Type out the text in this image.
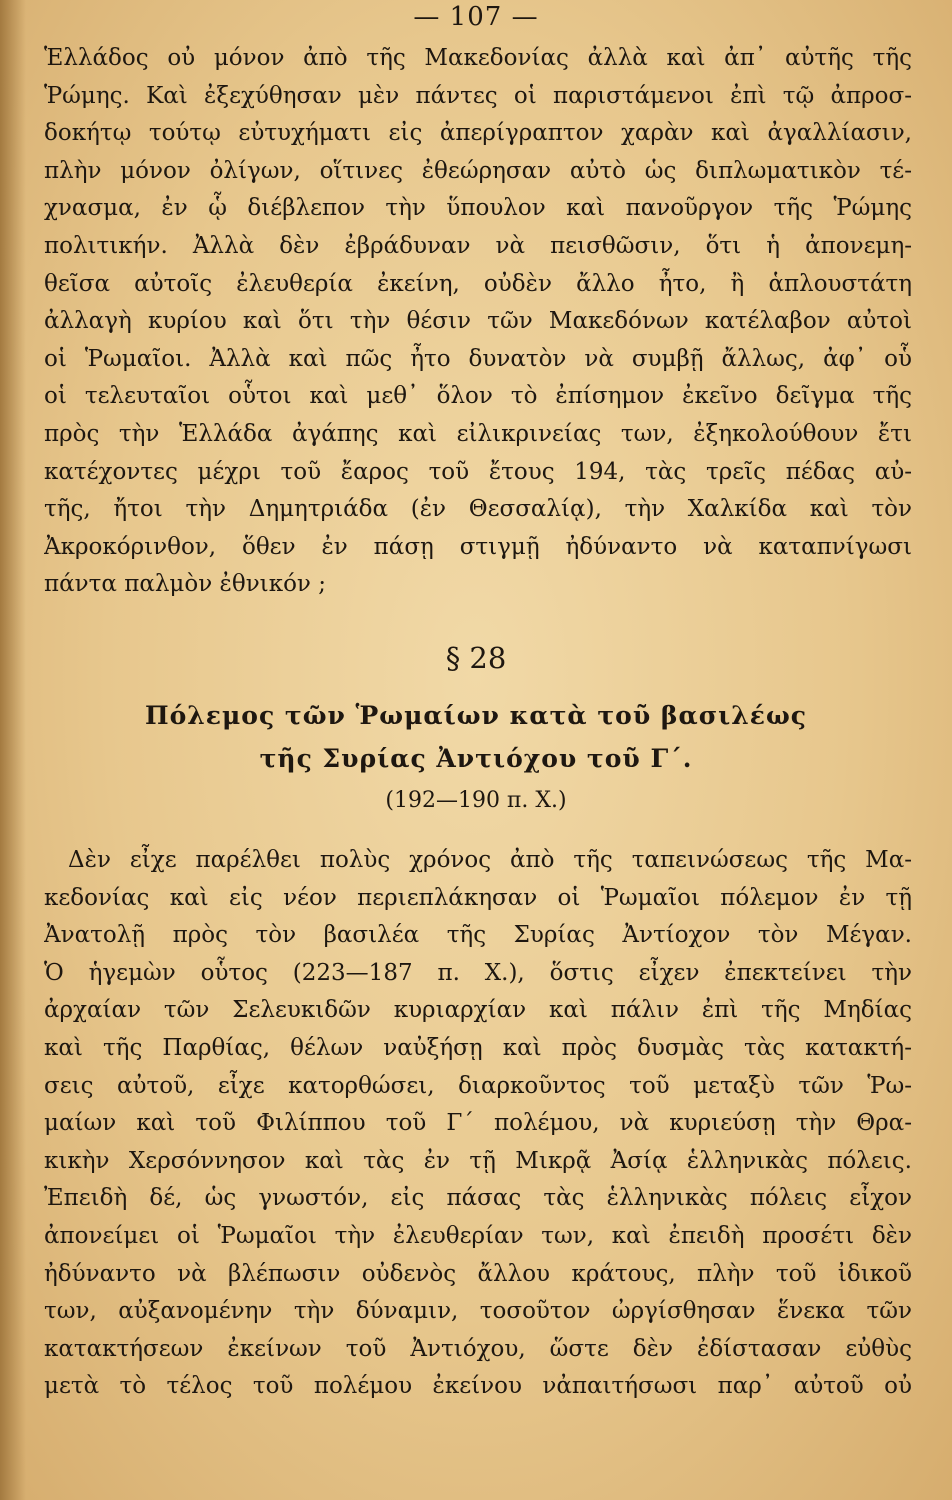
— 107 —
Ἑλλάδος οὐ μόνον ἀπὸ τῆς Μακεδονίας ἀλλὰ καὶ ἀπ᾽ αὐτῆς τῆς
Ῥώμης. Καὶ ἐξεχύθησαν μὲν πάντες οἱ παριστάμενοι ἐπὶ τῷ ἀπροσ-
δοκήτῳ τούτῳ εὐτυχήματι εἰς ἀπερίγραπτον χαρὰν καὶ ἀγαλλίασιν,
πλὴν μόνον ὀλίγων, οἵτινες ἐθεώρησαν αὐτὸ ὡς διπλωματικὸν τέ-
χνασμα, ἐν ᾧ διέβλεπον τὴν ὕπουλον καὶ πανοῦργον τῆς Ῥώμης
πολιτικήν. Ἀλλὰ δὲν ἐβράδυναν νὰ πεισθῶσιν, ὅτι ἡ ἀπονεμη-
θεῖσα αὐτοῖς ἐλευθερία ἐκείνη, οὐδὲν ἄλλο ἦτο, ἢ ἁπλουστάτη
ἀλλαγὴ κυρίου καὶ ὅτι τὴν θέσιν τῶν Μακεδόνων κατέλαβον αὐτοὶ
οἱ Ῥωμαῖοι. Ἀλλὰ καὶ πῶς ἦτο δυνατὸν νὰ συμβῇ ἄλλως, ἀφ᾽ οὗ
οἱ τελευταῖοι οὗτοι καὶ μεθ᾽ ὅλον τὸ ἐπίσημον ἐκεῖνο δεῖγμα τῆς
πρὸς τὴν Ἑλλάδα ἀγάπης καὶ εἰλικρινείας των, ἐξηκολούθουν ἔτι
κατέχοντες μέχρι τοῦ ἔαρος τοῦ ἔτους 194, τὰς τρεῖς πέδας αὐ-
τῆς, ἤτοι τὴν Δημητριάδα (ἐν Θεσσαλίᾳ), τὴν Χαλκίδα καὶ τὸν
Ἀκροκόρινθον, ὅθεν ἐν πάσῃ στιγμῇ ἠδύναντο νὰ καταπνίγωσι
πάντα παλμὸν ἐθνικόν ;
§ 28
Πόλεμος τῶν Ῥωμαίων κατὰ τοῦ βασιλέως
τῆς Συρίας Ἀντιόχου τοῦ Γ΄.
(192—190 π. Χ.)
Δὲν εἶχε παρέλθει πολὺς χρόνος ἀπὸ τῆς ταπεινώσεως τῆς Μα-
κεδονίας καὶ εἰς νέον περιεπλάκησαν οἱ Ῥωμαῖοι πόλεμον ἐν τῇ
Ἀνατολῇ πρὸς τὸν βασιλέα τῆς Συρίας Ἀντίοχον τὸν Μέγαν.
Ὁ ἡγεμὼν οὗτος (223—187 π. Χ.), ὅστις εἶχεν ἐπεκτείνει τὴν
ἀρχαίαν τῶν Σελευκιδῶν κυριαρχίαν καὶ πάλιν ἐπὶ τῆς Μηδίας
καὶ τῆς Παρθίας, θέλων ναὐξήσῃ καὶ πρὸς δυσμὰς τὰς κατακτή-
σεις αὐτοῦ, εἶχε κατορθώσει, διαρκοῦντος τοῦ μεταξὺ τῶν Ῥω-
μαίων καὶ τοῦ Φιλίππου τοῦ Γ΄ πολέμου, νὰ κυριεύσῃ τὴν Θρα-
κικὴν Χερσόννησον καὶ τὰς ἐν τῇ Μικρᾷ Ἀσίᾳ ἑλληνικὰς πόλεις.
Ἐπειδὴ δέ, ὡς γνωστόν, εἰς πάσας τὰς ἑλληνικὰς πόλεις εἶχον
ἀπονείμει οἱ Ῥωμαῖοι τὴν ἐλευθερίαν των, καὶ ἐπειδὴ προσέτι δὲν
ἠδύναντο νὰ βλέπωσιν οὐδενὸς ἄλλου κράτους, πλὴν τοῦ ἰδικοῦ
των, αὐξανομένην τὴν δύναμιν, τοσοῦτον ὠργίσθησαν ἕνεκα τῶν
κατακτήσεων ἐκείνων τοῦ Ἀντιόχου, ὥστε δὲν ἐδίστασαν εὐθὺς
μετὰ τὸ τέλος τοῦ πολέμου ἐκείνου νἀπαιτήσωσι παρ᾽ αὐτοῦ οὐ
